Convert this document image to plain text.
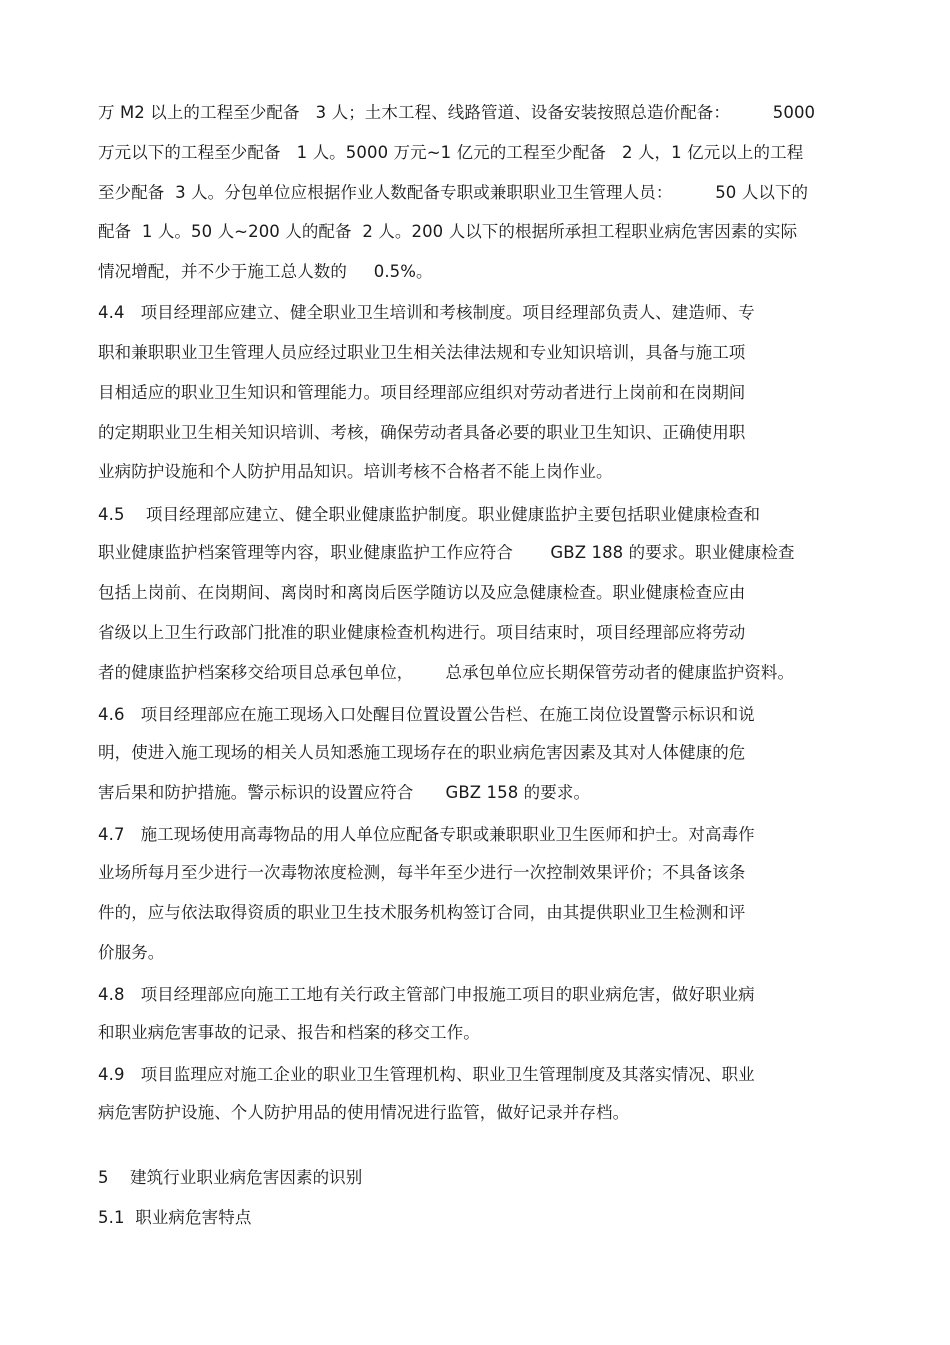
万 M2 以上的工程至少配备   3 人；土木工程、线路管道、设备安装按照总造价配备：        5000
万元以下的工程至少配备   1 人。5000 万元~1 亿元的工程至少配备   2 人，1 亿元以上的工程
至少配备  3 人。分包单位应根据作业人数配备专职或兼职职业卫生管理人员：        50 人以下的
配备  1 人。50 人~200 人的配备  2 人。200 人以下的根据所承担工程职业病危害因素的实际
情况增配，并不少于施工总人数的     0.5%。
4.4   项目经理部应建立、健全职业卫生培训和考核制度。项目经理部负责人、建造师、专
职和兼职职业卫生管理人员应经过职业卫生相关法律法规和专业知识培训，具备与施工项
目相适应的职业卫生知识和管理能力。项目经理部应组织对劳动者进行上岗前和在岗期间
的定期职业卫生相关知识培训、考核，确保劳动者具备必要的职业卫生知识、正确使用职
业病防护设施和个人防护用品知识。培训考核不合格者不能上岗作业。
4.5    项目经理部应建立、健全职业健康监护制度。职业健康监护主要包括职业健康检查和
职业健康监护档案管理等内容，职业健康监护工作应符合       GBZ 188 的要求。职业健康检查
包括上岗前、在岗期间、离岗时和离岗后医学随访以及应急健康检查。职业健康检查应由
省级以上卫生行政部门批准的职业健康检查机构进行。项目结束时，项目经理部应将劳动
者的健康监护档案移交给项目总承包单位，      总承包单位应长期保管劳动者的健康监护资料。
4.6   项目经理部应在施工现场入口处醒目位置设置公告栏、在施工岗位设置警示标识和说
明，使进入施工现场的相关人员知悉施工现场存在的职业病危害因素及其对人体健康的危
害后果和防护措施。警示标识的设置应符合      GBZ 158 的要求。
4.7   施工现场使用高毒物品的用人单位应配备专职或兼职职业卫生医师和护士。对高毒作
业场所每月至少进行一次毒物浓度检测，每半年至少进行一次控制效果评价；不具备该条
件的，应与依法取得资质的职业卫生技术服务机构签订合同，由其提供职业卫生检测和评
价服务。
4.8   项目经理部应向施工工地有关行政主管部门申报施工项目的职业病危害，做好职业病
和职业病危害事故的记录、报告和档案的移交工作。
4.9   项目监理应对施工企业的职业卫生管理机构、职业卫生管理制度及其落实情况、职业
病危害防护设施、个人防护用品的使用情况进行监管，做好记录并存档。
5    建筑行业职业病危害因素的识别
5.1  职业病危害特点
